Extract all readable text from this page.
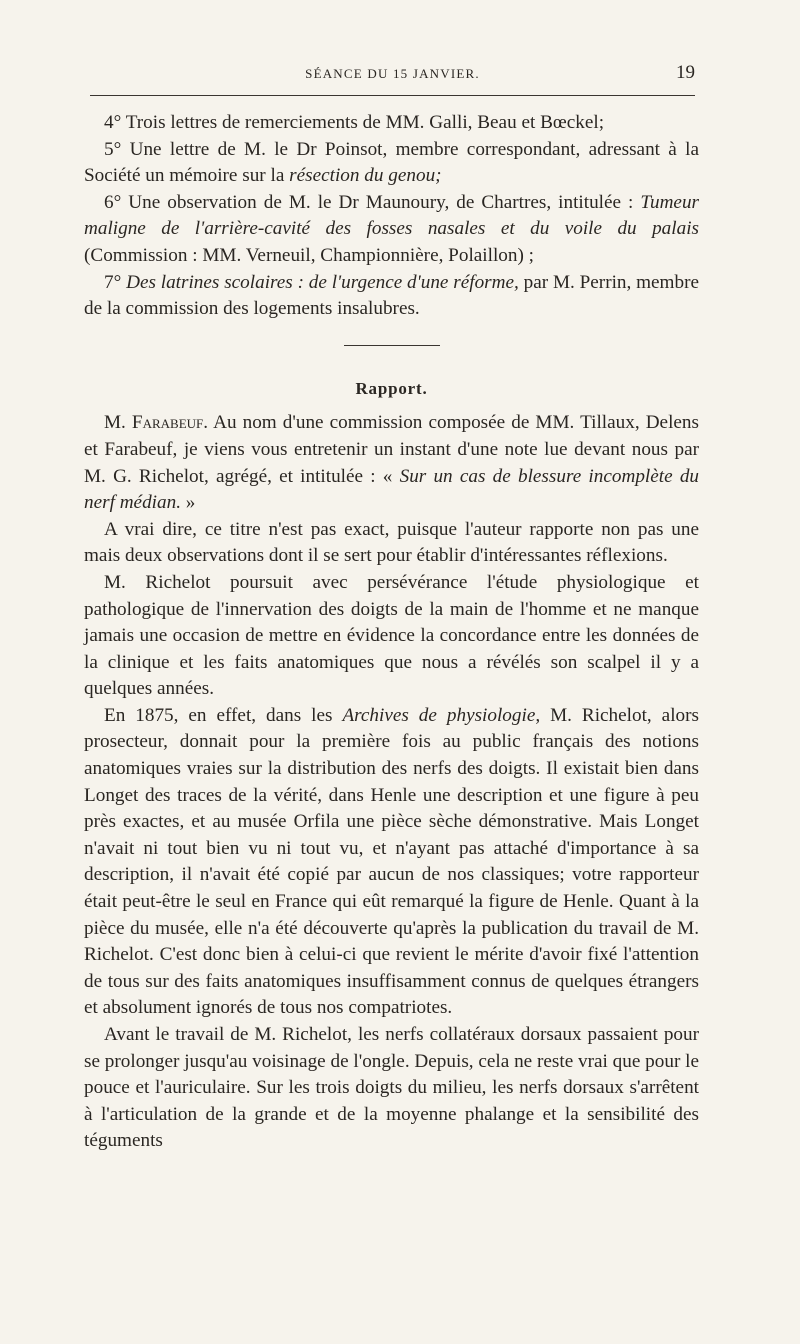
SÉANCE DU 15 JANVIER.	19

4° Trois lettres de remerciements de MM. Galli, Beau et Bœckel;

5° Une lettre de M. le Dr Poinsot, membre correspondant, adressant à la Société un mémoire sur la résection du genou;

6° Une observation de M. le Dr Maunoury, de Chartres, intitulée : Tumeur maligne de l'arrière-cavité des fosses nasales et du voile du palais (Commission : MM. Verneuil, Championnière, Polaillon) ;

7° Des latrines scolaires : de l'urgence d'une réforme, par M. Perrin, membre de la commission des logements insalubres.

Rapport.

M. Farabeuf. Au nom d'une commission composée de MM. Tillaux, Delens et Farabeuf, je viens vous entretenir un instant d'une note lue devant nous par M. G. Richelot, agrégé, et intitulée : « Sur un cas de blessure incomplète du nerf médian. »

A vrai dire, ce titre n'est pas exact, puisque l'auteur rapporte non pas une mais deux observations dont il se sert pour établir d'intéressantes réflexions.

M. Richelot poursuit avec persévérance l'étude physiologique et pathologique de l'innervation des doigts de la main de l'homme et ne manque jamais une occasion de mettre en évidence la concordance entre les données de la clinique et les faits anatomiques que nous a révélés son scalpel il y a quelques années.

En 1875, en effet, dans les Archives de physiologie, M. Richelot, alors prosecteur, donnait pour la première fois au public français des notions anatomiques vraies sur la distribution des nerfs des doigts. Il existait bien dans Longet des traces de la vérité, dans Henle une description et une figure à peu près exactes, et au musée Orfila une pièce sèche démonstrative. Mais Longet n'avait ni tout bien vu ni tout vu, et n'ayant pas attaché d'importance à sa description, il n'avait été copié par aucun de nos classiques; votre rapporteur était peut-être le seul en France qui eût remarqué la figure de Henle. Quant à la pièce du musée, elle n'a été découverte qu'après la publication du travail de M. Richelot. C'est donc bien à celui-ci que revient le mérite d'avoir fixé l'attention de tous sur des faits anatomiques insuffisamment connus de quelques étrangers et absolument ignorés de tous nos compatriotes.

Avant le travail de M. Richelot, les nerfs collatéraux dorsaux passaient pour se prolonger jusqu'au voisinage de l'ongle. Depuis, cela ne reste vrai que pour le pouce et l'auriculaire. Sur les trois doigts du milieu, les nerfs dorsaux s'arrêtent à l'articulation de la grande et de la moyenne phalange et la sensibilité des téguments
